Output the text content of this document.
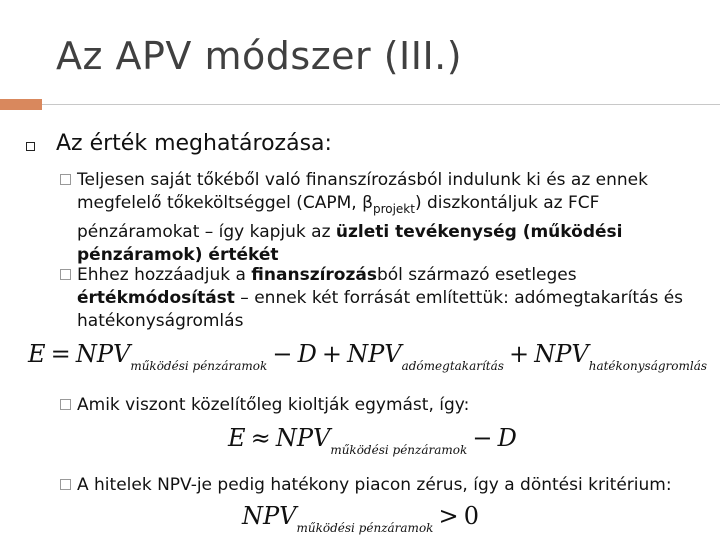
Az APV módszer (III.)
Az érték meghatározása:
Teljesen saját tőkéből való finanszírozásból indulunk ki és az ennek megfelelő tőkeköltséggel (CAPM, $\beta_{projekt}$) diszkontáljuk az FCF pénzáramokat – így kapjuk az üzleti tevékenység (működési pénzáramok) értékét
Ehhez hozzáadjuk a finanszírozásból származó esetleges értékmódosítást – ennek két forrását említettük: adómegtakarítás és hatékonyságromlás
$E = NPV_{működési pénzáramok} - D + NPV_{adómegtakarítás} + NPV_{hatékonyságromlás}$
Amik viszont közelítőleg kioltják egymást, így:
$E \approx NPV_{működési pénzáramok} - D$
A hitelek NPV-je pedig hatékony piacon zérus, így a döntési kritérium:
$NPV_{működési pénzáramok} > 0$
